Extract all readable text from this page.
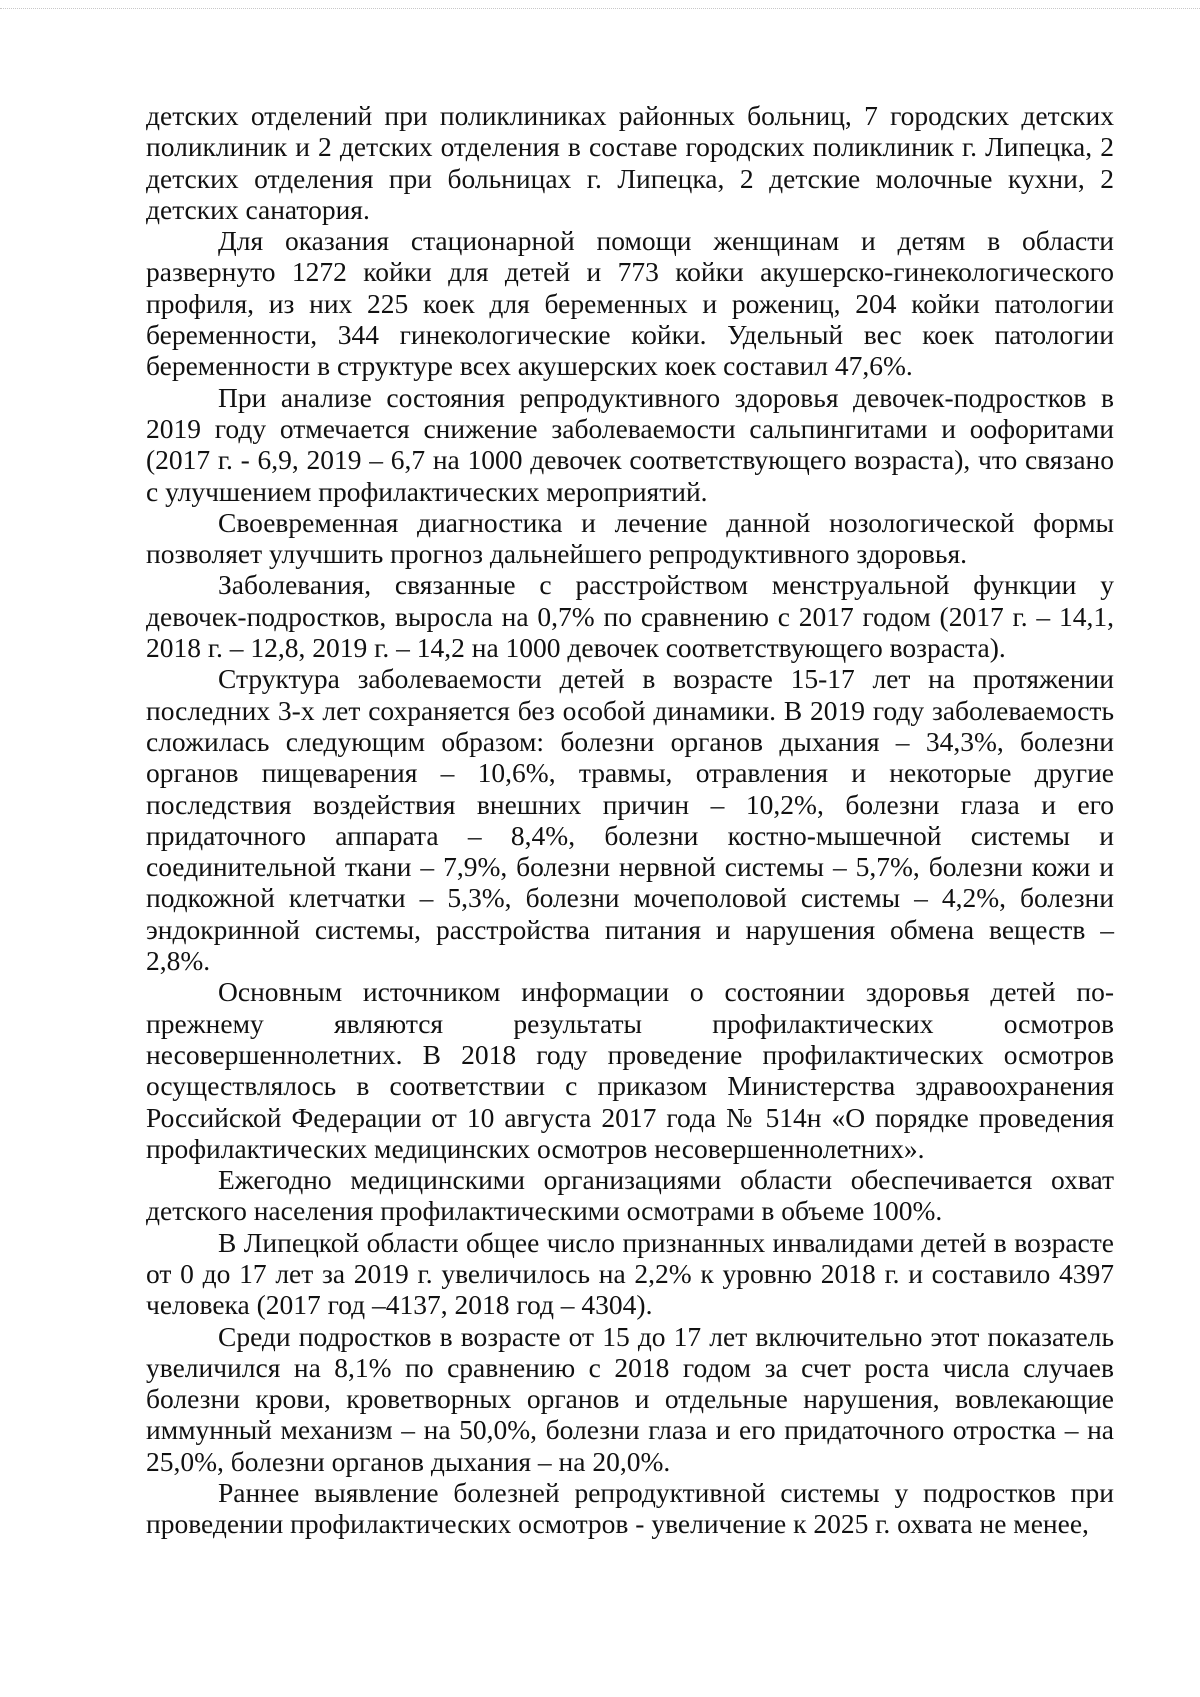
детских отделений при поликлиниках районных больниц, 7 городских детских поликлиник и 2 детских отделения в составе городских поликлиник г. Липецка, 2 детских отделения при больницах г. Липецка, 2 детские молочные кухни, 2 детских санатория.

Для оказания стационарной помощи женщинам и детям в области развернуто 1272 койки для детей и 773 койки акушерско-гинекологического профиля, из них 225 коек для беременных и рожениц, 204 койки патологии беременности, 344 гинекологические койки. Удельный вес коек патологии беременности в структуре всех акушерских коек составил 47,6%.

При анализе состояния репродуктивного здоровья девочек-подростков в 2019 году отмечается снижение заболеваемости сальпингитами и оофоритами (2017 г. - 6,9, 2019 – 6,7 на 1000 девочек соответствующего возраста), что связано с улучшением профилактических мероприятий.

Своевременная диагностика и лечение данной нозологической формы позволяет улучшить прогноз дальнейшего репродуктивного здоровья.

Заболевания, связанные с расстройством менструальной функции у девочек-подростков, выросла на 0,7% по сравнению с 2017 годом (2017 г. – 14,1, 2018 г. – 12,8, 2019 г. – 14,2 на 1000 девочек соответствующего возраста).

Структура заболеваемости детей в возрасте 15-17 лет на протяжении последних 3-х лет сохраняется без особой динамики. В 2019 году заболеваемость сложилась следующим образом: болезни органов дыхания – 34,3%, болезни органов пищеварения – 10,6%, травмы, отравления и некоторые другие последствия воздействия внешних причин – 10,2%, болезни глаза и его придаточного аппарата – 8,4%, болезни костно-мышечной системы и соединительной ткани – 7,9%, болезни нервной системы – 5,7%, болезни кожи и подкожной клетчатки – 5,3%, болезни мочеполовой системы – 4,2%, болезни эндокринной системы, расстройства питания и нарушения обмена веществ – 2,8%.

Основным источником информации о состоянии здоровья детей по-прежнему являются результаты профилактических осмотров несовершеннолетних. В 2018 году проведение профилактических осмотров осуществлялось в соответствии с приказом Министерства здравоохранения Российской Федерации от 10 августа 2017 года № 514н «О порядке проведения профилактических медицинских осмотров несовершеннолетних».

Ежегодно медицинскими организациями области обеспечивается охват детского населения профилактическими осмотрами в объеме 100%.

В Липецкой области общее число признанных инвалидами детей в возрасте от 0 до 17 лет за 2019 г. увеличилось на 2,2% к уровню 2018 г. и составило 4397 человека (2017 год –4137, 2018 год – 4304).

Среди подростков в возрасте от 15 до 17 лет включительно этот показатель увеличился на 8,1% по сравнению с 2018 годом за счет роста числа случаев болезни крови, кроветворных органов и отдельные нарушения, вовлекающие иммунный механизм – на 50,0%, болезни глаза и его придаточного отростка – на 25,0%, болезни органов дыхания – на 20,0%.

Раннее выявление болезней репродуктивной системы у подростков при проведении профилактических осмотров - увеличение к 2025 г. охвата не менее,
